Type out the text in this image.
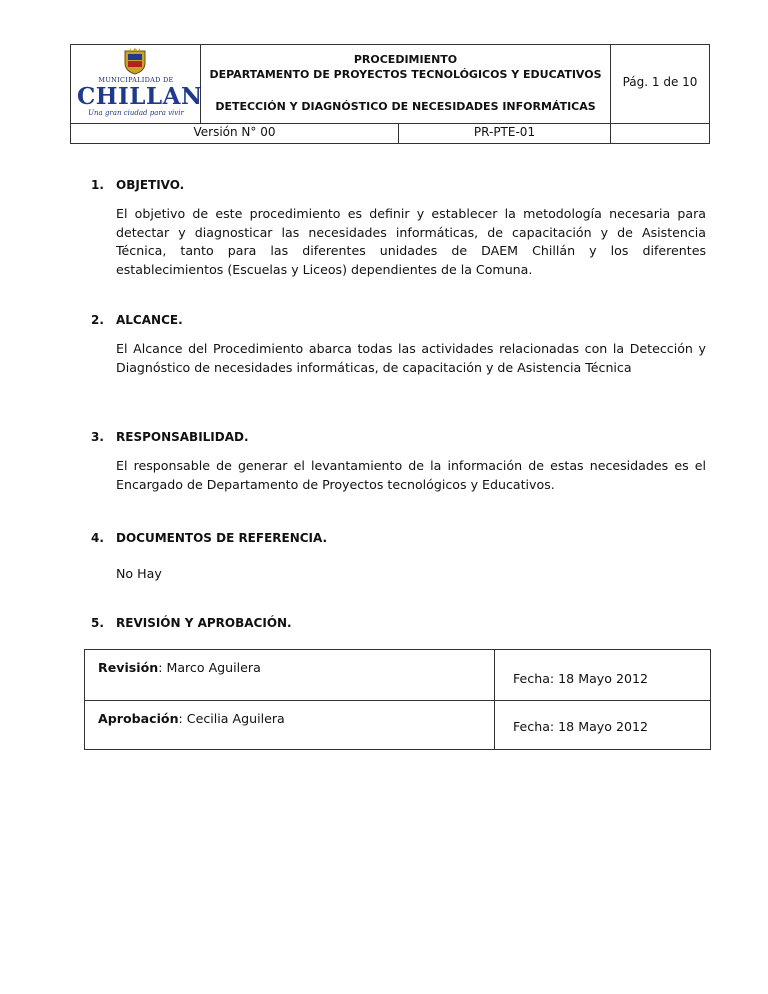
MUNICIPALIDAD DE
CHILLAN
Una gran ciudad para vivir
PROCEDIMIENTO
DEPARTAMENTO DE PROYECTOS TECNOLÓGICOS Y EDUCATIVOS
DETECCIÓN Y DIAGNÓSTICO DE NECESIDADES INFORMÁTICAS
Pág. 1 de 10
Versión N° 00	PR-PTE-01
1. OBJETIVO.

El objetivo de este procedimiento es definir y establecer la metodología necesaria para detectar y diagnosticar las necesidades informáticas, de capacitación y de Asistencia Técnica, tanto para las diferentes unidades de DAEM Chillán y los diferentes establecimientos (Escuelas y Liceos) dependientes de la Comuna.

2. ALCANCE.

El Alcance del Procedimiento abarca todas las actividades relacionadas con la Detección y Diagnóstico de necesidades informáticas, de capacitación y de Asistencia Técnica

3. RESPONSABILIDAD.

El responsable de generar el levantamiento de la información de estas necesidades es el Encargado de Departamento de Proyectos tecnológicos y Educativos.

4. DOCUMENTOS DE REFERENCIA.

No Hay

5. REVISIÓN Y APROBACIÓN.
Revisión: Marco Aguilera
Fecha: 18 Mayo 2012
Aprobación: Cecilia Aguilera
Fecha: 18 Mayo 2012
